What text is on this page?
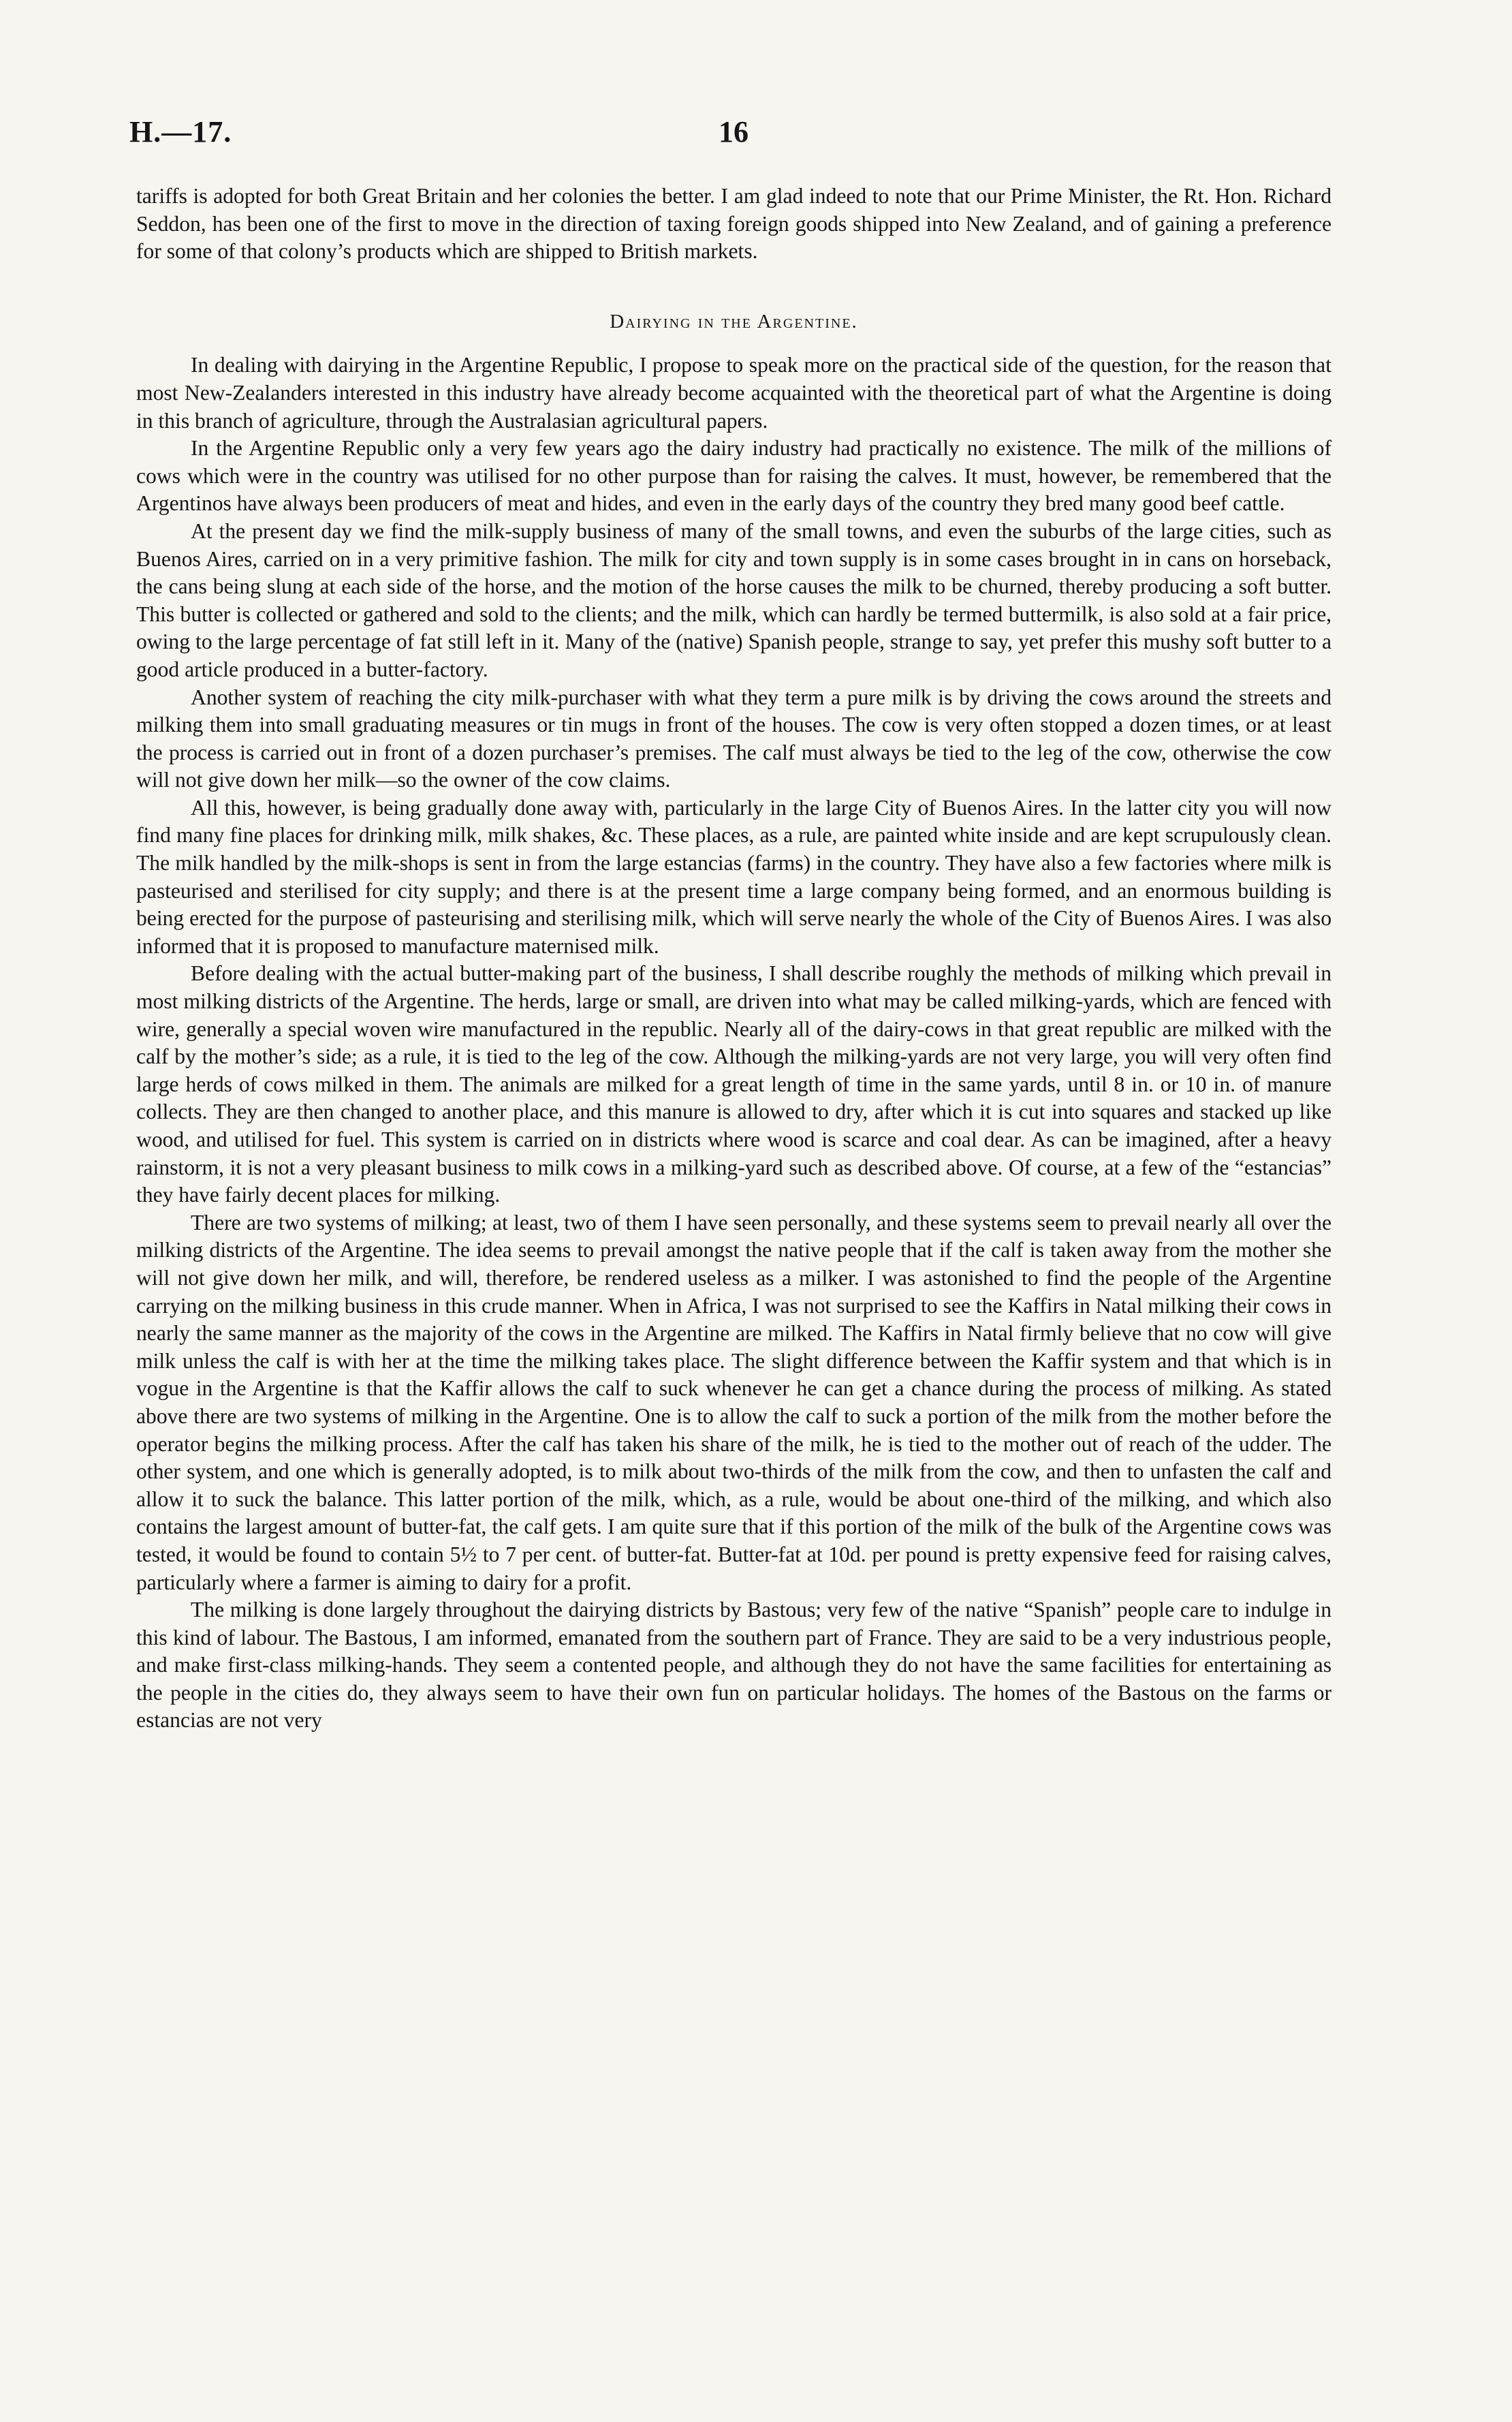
H.—17.	16

tariffs is adopted for both Great Britain and her colonies the better. I am glad indeed to note that our Prime Minister, the Rt. Hon. Richard Seddon, has been one of the first to move in the direction of taxing foreign goods shipped into New Zealand, and of gaining a preference for some of that colony’s products which are shipped to British markets.

Dairying in the Argentine.

In dealing with dairying in the Argentine Republic, I propose to speak more on the practical side of the question, for the reason that most New-Zealanders interested in this industry have already become acquainted with the theoretical part of what the Argentine is doing in this branch of agriculture, through the Australasian agricultural papers.

In the Argentine Republic only a very few years ago the dairy industry had practically no existence. The milk of the millions of cows which were in the country was utilised for no other purpose than for raising the calves. It must, however, be remembered that the Argentinos have always been producers of meat and hides, and even in the early days of the country they bred many good beef cattle.

At the present day we find the milk-supply business of many of the small towns, and even the suburbs of the large cities, such as Buenos Aires, carried on in a very primitive fashion. The milk for city and town supply is in some cases brought in in cans on horseback, the cans being slung at each side of the horse, and the motion of the horse causes the milk to be churned, thereby producing a soft butter. This butter is collected or gathered and sold to the clients; and the milk, which can hardly be termed buttermilk, is also sold at a fair price, owing to the large percentage of fat still left in it. Many of the (native) Spanish people, strange to say, yet prefer this mushy soft butter to a good article produced in a butter-factory.

Another system of reaching the city milk-purchaser with what they term a pure milk is by driving the cows around the streets and milking them into small graduating measures or tin mugs in front of the houses. The cow is very often stopped a dozen times, or at least the process is carried out in front of a dozen purchaser’s premises. The calf must always be tied to the leg of the cow, otherwise the cow will not give down her milk—so the owner of the cow claims.

All this, however, is being gradually done away with, particularly in the large City of Buenos Aires. In the latter city you will now find many fine places for drinking milk, milk shakes, &c. These places, as a rule, are painted white inside and are kept scrupulously clean. The milk handled by the milk-shops is sent in from the large estancias (farms) in the country. They have also a few factories where milk is pasteurised and sterilised for city supply; and there is at the present time a large company being formed, and an enormous building is being erected for the purpose of pasteurising and sterilising milk, which will serve nearly the whole of the City of Buenos Aires. I was also informed that it is proposed to manufacture maternised milk.

Before dealing with the actual butter-making part of the business, I shall describe roughly the methods of milking which prevail in most milking districts of the Argentine. The herds, large or small, are driven into what may be called milking-yards, which are fenced with wire, generally a special woven wire manufactured in the republic. Nearly all of the dairy-cows in that great republic are milked with the calf by the mother’s side; as a rule, it is tied to the leg of the cow. Although the milking-yards are not very large, you will very often find large herds of cows milked in them. The animals are milked for a great length of time in the same yards, until 8 in. or 10 in. of manure collects. They are then changed to another place, and this manure is allowed to dry, after which it is cut into squares and stacked up like wood, and utilised for fuel. This system is carried on in districts where wood is scarce and coal dear. As can be imagined, after a heavy rainstorm, it is not a very pleasant business to milk cows in a milking-yard such as described above. Of course, at a few of the “estancias” they have fairly decent places for milking.

There are two systems of milking; at least, two of them I have seen personally, and these systems seem to prevail nearly all over the milking districts of the Argentine. The idea seems to prevail amongst the native people that if the calf is taken away from the mother she will not give down her milk, and will, therefore, be rendered useless as a milker. I was astonished to find the people of the Argentine carrying on the milking business in this crude manner. When in Africa, I was not surprised to see the Kaffirs in Natal milking their cows in nearly the same manner as the majority of the cows in the Argentine are milked. The Kaffirs in Natal firmly believe that no cow will give milk unless the calf is with her at the time the milking takes place. The slight difference between the Kaffir system and that which is in vogue in the Argentine is that the Kaffir allows the calf to suck whenever he can get a chance during the process of milking. As stated above there are two systems of milking in the Argentine. One is to allow the calf to suck a portion of the milk from the mother before the operator begins the milking process. After the calf has taken his share of the milk, he is tied to the mother out of reach of the udder. The other system, and one which is generally adopted, is to milk about two-thirds of the milk from the cow, and then to unfasten the calf and allow it to suck the balance. This latter portion of the milk, which, as a rule, would be about one-third of the milking, and which also contains the largest amount of butter-fat, the calf gets. I am quite sure that if this portion of the milk of the bulk of the Argentine cows was tested, it would be found to contain 5½ to 7 per cent. of butter-fat. Butter-fat at 10d. per pound is pretty expensive feed for raising calves, particularly where a farmer is aiming to dairy for a profit.

The milking is done largely throughout the dairying districts by Bastous; very few of the native “Spanish” people care to indulge in this kind of labour. The Bastous, I am informed, emanated from the southern part of France. They are said to be a very industrious people, and make first-class milking-hands. They seem a contented people, and although they do not have the same facilities for entertaining as the people in the cities do, they always seem to have their own fun on particular holidays. The homes of the Bastous on the farms or estancias are not very
